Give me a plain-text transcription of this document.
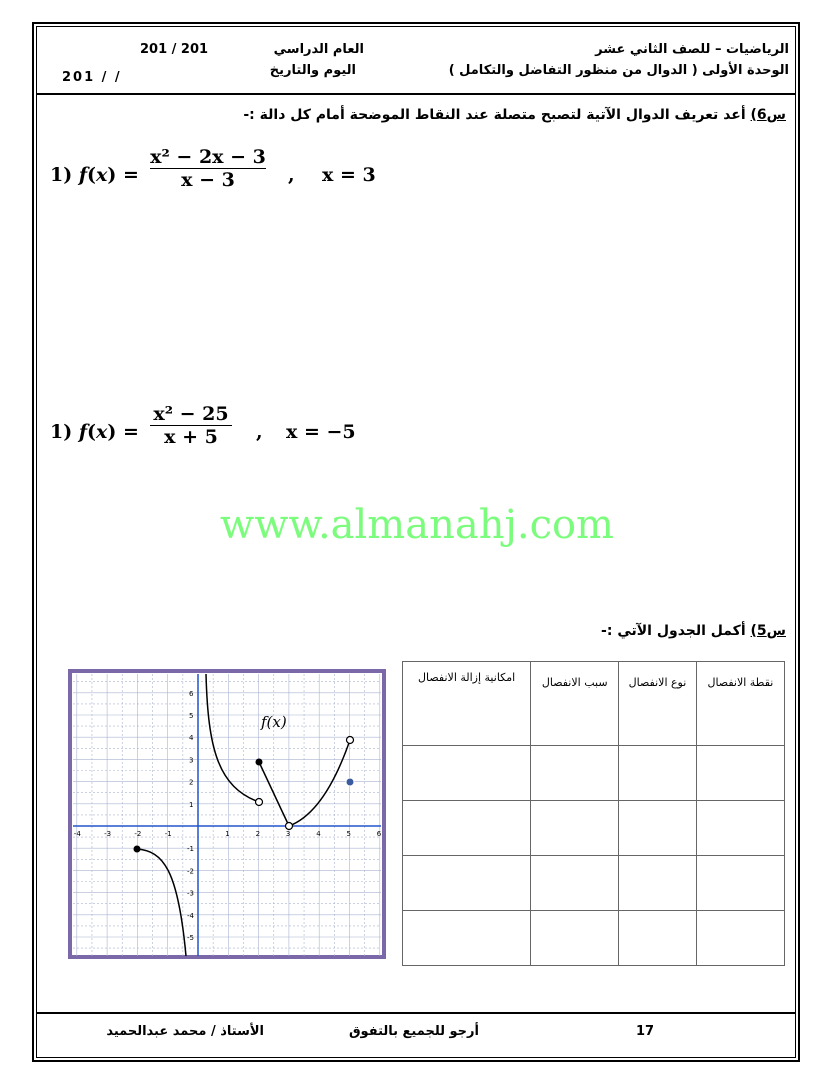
الرياضيات – للصف الثاني عشر
الوحدة الأولى ( الدوال من منظور التفاضل والتكامل )
العام الدراسي
201 / 201
اليوم والتاريخ
201 / /
س6) أعد تعريف الدوال الآتية لتصبح متصلة عند النقاط الموضحة أمام كل دالة :-
1) $f(x) = \frac{\text{x² − 2x − 3}}{x - 3}$ , x = 3
1) $f(x) = \frac{\text{x² − 25}}{x + 5}$ , x = −5
www.almanahj.com
س5) أكمل الجدول الآتي :-
-4	-3	-2	-1	1	2	3	4	5	6
1
2
3
4
5
6
-1
-2
-3
-4
-5
f(x)
نقطة الانفصال	نوع الانفصال	سبب الانفصال	امكانية إزالة الانفصال

17
أرجو للجميع بالتفوق
الأستاذ / محمد عبدالحميد
